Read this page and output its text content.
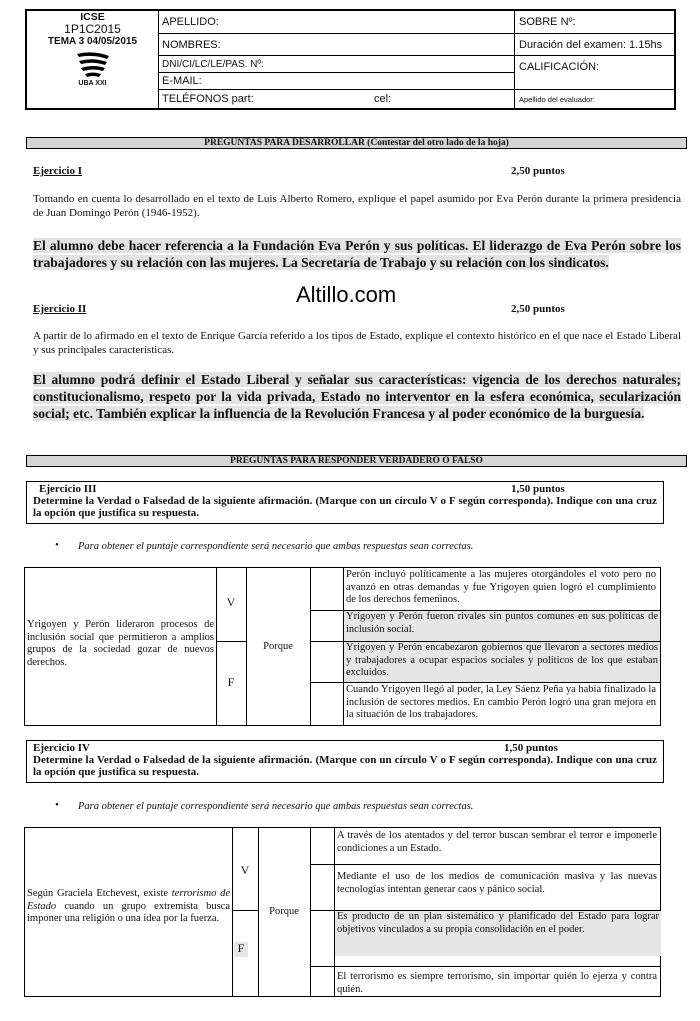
ICSE
1P1C2015
TEMA 3 04/05/2015
UBA XXI
APELLIDO:
NOMBRES:
DNI/CI/LC/LE/PAS. Nº:
E-MAIL:
TELÉFONOS part:	cel:
SOBRE Nº:
Duración del examen: 1.15hs
CALIFICACIÓN:
Apellido del evaluador:
PREGUNTAS PARA DESARROLLAR (Contestar del otro lado de la hoja)
Ejercicio I	2,50 puntos
Tomando en cuenta lo desarrollado en el texto de Luis Alberto Romero, explique el papel asumido por Eva Perón durante la primera presidencia de Juan Domingo Perón (1946-1952).
El alumno debe hacer referencia a la Fundación Eva Perón y sus políticas. El liderazgo de Eva Perón sobre los trabajadores y su relación con las mujeres. La Secretaría de Trabajo y su relación con los sindicatos.
Altillo.com
Ejercicio II	2,50 puntos
A partir de lo afirmado en el texto de Enrique García referido a los tipos de Estado, explique el contexto histórico en el que nace el Estado Liberal y sus principales características.
El alumno podrá definir el Estado Liberal y señalar sus características: vigencia de los derechos naturales; constitucionalismo, respeto por la vida privada, Estado no interventor en la esfera económica, secularización social; etc. También explicar la influencia de la Revolución Francesa y al poder económico de la burguesía.
PREGUNTAS PARA RESPONDER VERDADERO O FALSO
Ejercicio III	1,50 puntos
Determine la Verdad o Falsedad de la siguiente afirmación. (Marque con un círculo V o F según corresponda). Indique con una cruz la opción que justifica su respuesta.
• Para obtener el puntaje correspondiente será necesario que ambas respuestas sean correctas.
Yrigoyen y Perón lideraron procesos de inclusión social que permitieron a amplios grupos de la sociedad gozar de nuevos derechos.
V
F
Porque
Perón incluyó políticamente a las mujeres otorgándoles el voto pero no avanzó en otras demandas y fue Yrigoyen quien logró el cumplimiento de los derechos femeninos.
Yrigoyen y Perón fueron rivales sin puntos comunes en sus políticas de inclusión social.
Yrigoyen y Perón encabezaron gobiernos que llevaron a sectores medios y trabajadores a ocupar espacios sociales y políticos de los que estaban excluidos.
Cuando Yrigoyen llegó al poder, la Ley Sáenz Peña ya había finalizado la inclusión de sectores medios. En cambio Perón logró una gran mejora en la situación de los trabajadores.
Ejercicio IV	1,50 puntos
Determine la Verdad o Falsedad de la siguiente afirmación. (Marque con un círculo V o F según corresponda). Indique con una cruz la opción que justifica su respuesta.
• Para obtener el puntaje correspondiente será necesario que ambas respuestas sean correctas.
Según Graciela Etchevest, existe terrorismo de Estado cuando un grupo extremista busca imponer una religión o una idea por la fuerza.
V
F
Porque
A través de los atentados y del terror buscan sembrar el terror e imponerle condiciones a un Estado.
Mediante el uso de los medios de comunicación masiva y las nuevas tecnologías intentan generar caos y pánico social.
Es producto de un plan sistemático y planificado del Estado para lograr objetivos vinculados a su propia consolidación en el poder.
El terrorismo es siempre terrorismo, sin importar quién lo ejerza y contra quién.
